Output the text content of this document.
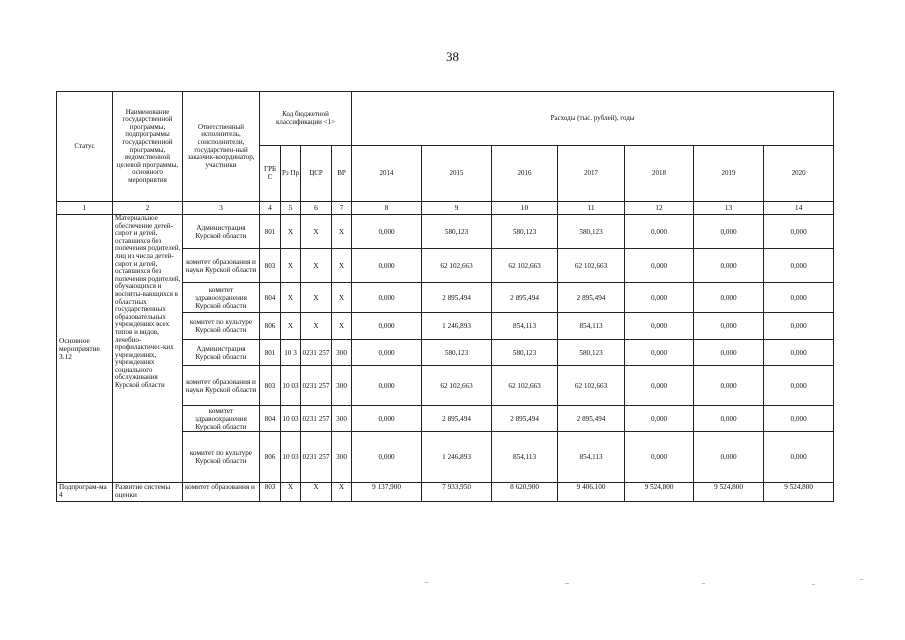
38
Статус	Наименование государственной программы, подпрограммы государственной программы, ведомственной целевой программы, основного мероприятия	Ответственный исполнитель, соисполнители, государствен-ный заказчик-координатор, участники	Код бюджетной классификации <1>				Расходы (тыс. рублей), годы						
			ГРБ С	Рз Пр	ЦСР	ВР	2014	2015	2016	2017	2018	2019	2020
1	2	3	4	5	6	7	8	9	10	11	12	13	14
Основное мероприятие 3.12	Материальное обеспечение детей-сирот и детей, оставшихся без попечения родителей, лиц из числа детей-сирот и детей, оставшихся без попечения родителей, обучающихся и воспиты-вающихся в областных государственных образовательных учреждениях всех типов и видов, лечебно-профилактичес-ких учреждениях, учреждениях социального обслуживания Курской области	Администрация Курской области	801	X	X	X	0,000	580,123	580,123	580,123	0,000	0,000	0,000
		комитет образования и науки Курской области	803	X	X	X	0,000	62 102,663	62 102,663	62 102,663	0,000	0,000	0,000
		комитет здравоохранения Курской области	804	X	X	X	0,000	2 895,494	2 895,494	2 895,494	0,000	0,000	0,000
		комитет по культуре Курской области	806	X	X	X	0,000	1 246,893	854,113	854,113	0,000	0,000	0,000
		Администрация Курской области	801	10 3	0231 257	300	0,000	580,123	580,123	580,123	0,000	0,000	0,000
		комитет образования и науки Курской области	803	10 03	0231 257	300	0,000	62 102,663	62 102,663	62 102,663	0,000	0,000	0,000
		комитет здравоохранения Курской области	804	10 03	0231 257	300	0,000	2 895,494	2 895,494	2 895,494	0,000	0,000	0,000
		комитет по культуре Курской области	806	10 03	0231 257	300	0,000	1 246,893	854,113	854,113	0,000	0,000	0,000
Подпрограм-ма 4	Развитие системы оценки	комитет образования и	803	X	X	X	9 137,900	7 933,950	8 620,900	9 406,100	9 524,800	9 524,800	9 524,800
